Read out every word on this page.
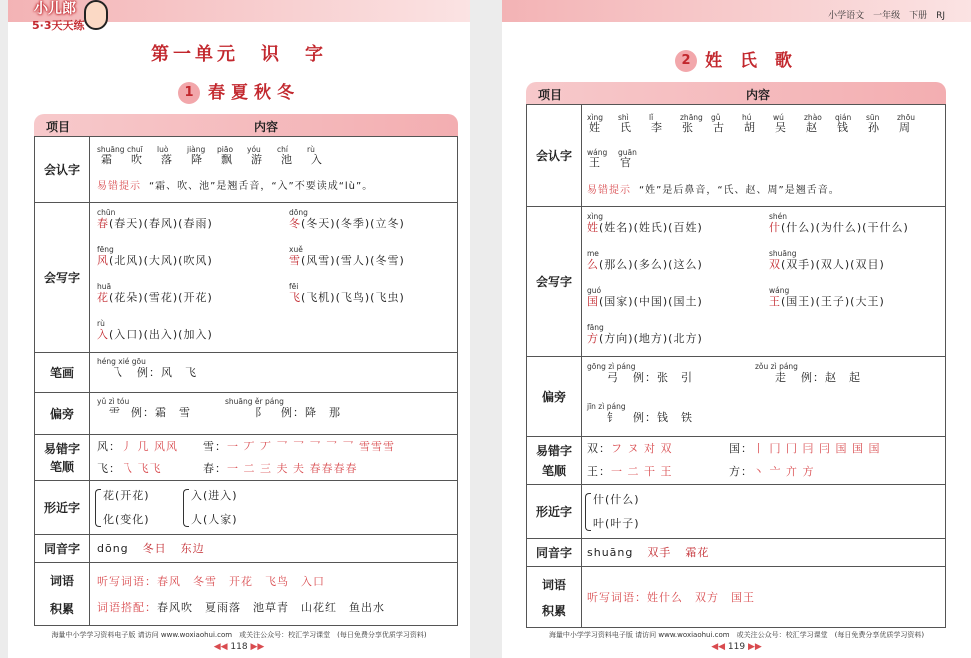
小儿郎
5·3天天练
第一单元　识　字
1 春夏秋冬
项目	内容
会认字
shuāng chuī luò jiàng piāo yóu chí	rù
霜 吹 落 降 飘 游 池 入
易错提示 “霜、吹、池”是翘舌音，“入”不要读成“lù”。
会写字
chūn
春(春天)(春风)(春雨)
dōng
冬(冬天)(冬季)(立冬)
fēng
风(北风)(大风)(吹风)
xuě
雪(风雪)(雪人)(冬雪)
huā
花(花朵)(雪花)(开花)
fēi
飞(飞机)(飞鸟)(飞虫)
rù
入(入口)(出入)(加入)
笔画
héng xié gōu
乁 例：风　飞
偏旁
yǔ zì tóu
⻗ 例：霜　雪
shuāng ěr páng
阝 例：降　那
易错字
笔顺
风：丿 几 风风 雪：一 丆 丆 乛 乛 乛 乛 乛 雪雪雪
飞：乁 飞飞	春：一 二 三 夫 夫 春春春春
形近字
花(开花)
化(变化)
入(进入)
人(人家)
同音字	dōng 冬日 东边
词语
积累
听写词语：春风　冬雪　开花　飞鸟　入口
词语搭配：春风吹　夏雨落　池草青　山花红　鱼出水
海量中小学学习资料电子版 请访问 www.woxiaohui.com　或关注公众号：校汇学习课堂　(每日免费分享优质学习资料)
◀◀ 118 ▶▶
小学语文　一年级　下册　RJ
2 姓 氏 歌
项目	内容
会认字
xìng shì	lǐ	zhāng gǔ	hú	wú	zhào qián sūn zhōu
姓 氏 李 张 古 胡 吴 赵 钱 孙 周
wáng guān
王 官
易错提示 “姓”是后鼻音，“氏、赵、周”是翘舌音。
会写字
xìng
姓(姓名)(姓氏)(百姓)
shén
什(什么)(为什么)(干什么)
me
么(那么)(多么)(这么)
shuāng
双(双手)(双人)(双目)
guó
国(国家)(中国)(国土)
wáng
王(国王)(王子)(大王)
fāng
方(方向)(地方)(北方)
偏旁
gōng zì páng
弓 例：张　引
zǒu zì páng
走 例：赵　起
jīn zì páng
钅 例：钱　铁
易错字
笔顺
双：フ ヌ 对 双	国：丨 冂 冂 冃 冃 国 国 国
王：一 二 干 王	方：丶 亠 亣 方
形近字
什(什么)
叶(叶子)
同音字	shuāng 双手 霜花
词语
积累
听写词语：姓什么　双方　国王
海量中小学学习资料电子版 请访问 www.woxiaohui.com　或关注公众号：校汇学习课堂　(每日免费分享优质学习资料)
◀◀ 119 ▶▶
